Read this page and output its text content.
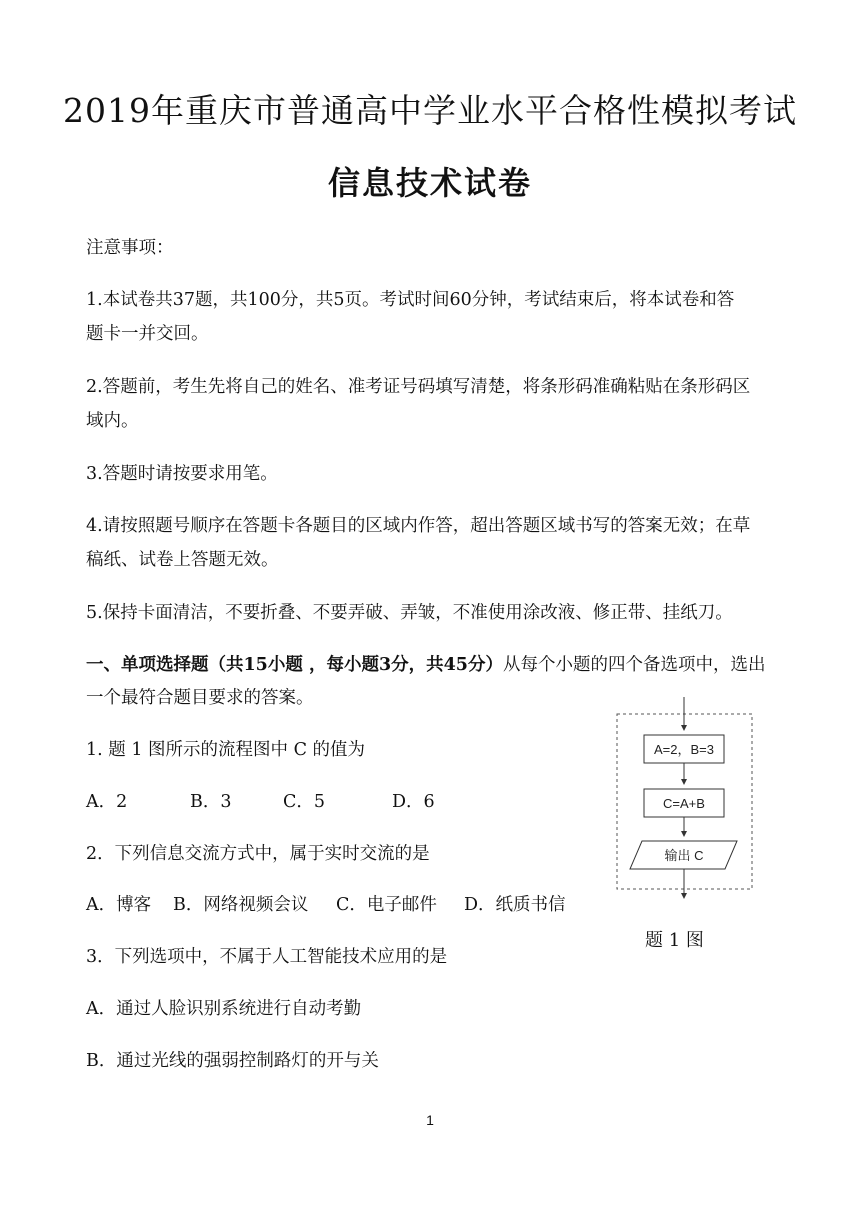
2019年重庆市普通高中学业水平合格性模拟考试
信息技术试卷
注意事项：
1.本试卷共37题，共100分，共5页。考试时间60分钟，考试结束后，将本试卷和答
题卡一并交回。
2.答题前，考生先将自己的姓名、准考证号码填写清楚，将条形码准确粘贴在条形码区
域内。
3.答题时请按要求用笔。
4.请按照题号顺序在答题卡各题目的区域内作答，超出答题区域书写的答案无效；在草
稿纸、试卷上答题无效。
5.保持卡面清洁，不要折叠、不要弄破、弄皱，不准使用涂改液、修正带、挂纸刀。
一、单项选择题（共15小题 ，每小题3分，共45分）从每个小题的四个备选项中，选出
一个最符合题目要求的答案。
1. 题 1 图所示的流程图中 C 的值为
A．2	B．3	C．5	D．6
2．下列信息交流方式中，属于实时交流的是
A．博客 B．网络视频会议 C．电子邮件 D．纸质书信
3．下列选项中，不属于人工智能技术应用的是
A．通过人脸识别系统进行自动考勤
B．通过光线的强弱控制路灯的开与关
A=2，B=3
C=A+B
输出 C
题 1 图
1
